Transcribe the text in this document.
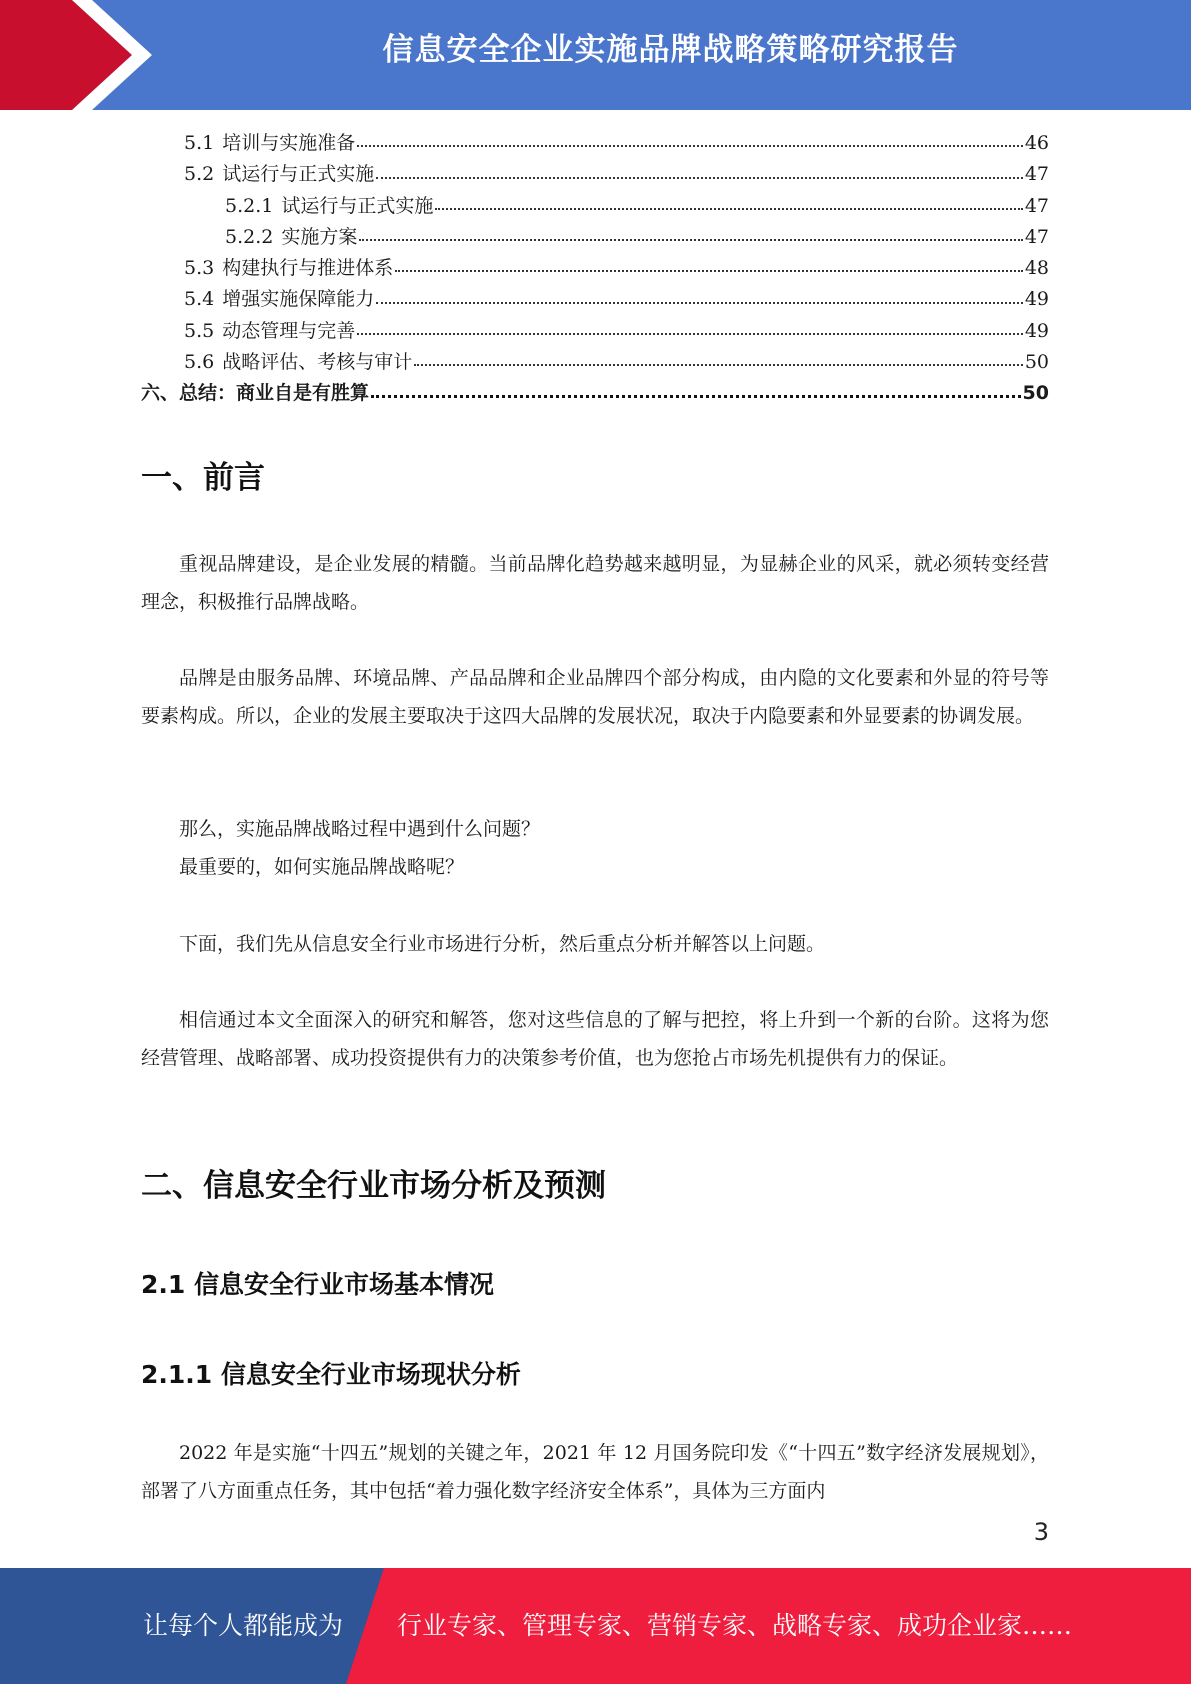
信息安全企业实施品牌战略策略研究报告
5.1 培训与实施准备	46
5.2 试运行与正式实施	47
5.2.1 试运行与正式实施	47
5.2.2 实施方案	47
5.3 构建执行与推进体系	48
5.4 增强实施保障能力	49
5.5 动态管理与完善	49
5.6 战略评估、考核与审计	50
六、总结：商业自是有胜算	50
一、前言

重视品牌建设，是企业发展的精髓。当前品牌化趋势越来越明显，为显赫企业的风采，就必须转变经营理念，积极推行品牌战略。

品牌是由服务品牌、环境品牌、产品品牌和企业品牌四个部分构成，由内隐的文化要素和外显的符号等要素构成。所以，企业的发展主要取决于这四大品牌的发展状况，取决于内隐要素和外显要素的协调发展。

那么，实施品牌战略过程中遇到什么问题？

最重要的，如何实施品牌战略呢？

下面，我们先从信息安全行业市场进行分析，然后重点分析并解答以上问题。

相信通过本文全面深入的研究和解答，您对这些信息的了解与把控，将上升到一个新的台阶。这将为您经营管理、战略部署、成功投资提供有力的决策参考价值，也为您抢占市场先机提供有力的保证。

二、信息安全行业市场分析及预测
2.1 信息安全行业市场基本情况
2.1.1 信息安全行业市场现状分析

2022 年是实施“十四五”规划的关键之年，2021 年 12 月国务院印发《“十四五”数字经济发展规划》，部署了八方面重点任务，其中包括“着力强化数字经济安全体系”，具体为三方面内

3
让每个人都能成为 行业专家、管理专家、营销专家、战略专家、成功企业家……
